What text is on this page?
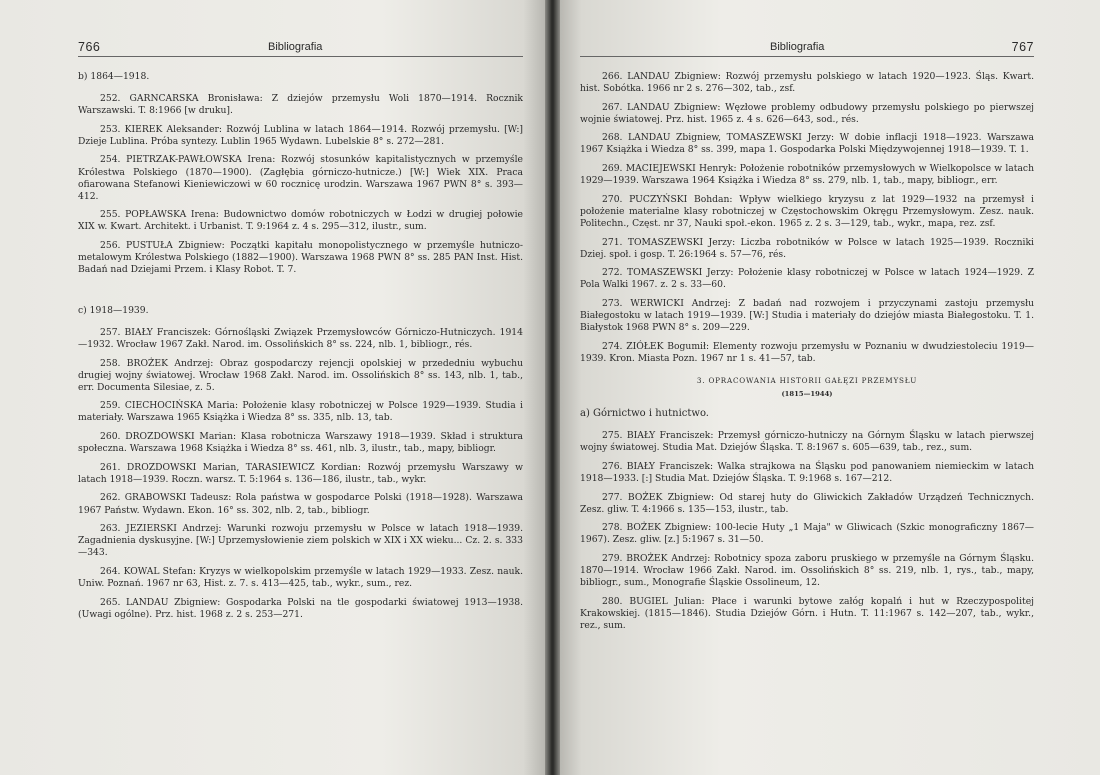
766	Bibliografia
b) 1864—1918.

252. GARNCARSKA Bronisława: Z dziejów przemysłu Woli 1870—1914. Rocznik Warszawski. T. 8:1966 [w druku].

253. KIEREK Aleksander: Rozwój Lublina w latach 1864—1914. Rozwój przemysłu. [W:] Dzieje Lublina. Próba syntezy. Lublin 1965 Wydawn. Lubelskie 8° s. 272—281.

254. PIETRZAK-PAWŁOWSKA Irena: Rozwój stosunków kapitalistycznych w przemyśle Królestwa Polskiego (1870—1900). (Zagłębia górniczo-hutnicze.) [W:] Wiek XIX. Praca ofiarowana Stefanowi Kieniewiczowi w 60 rocznicę urodzin. Warszawa 1967 PWN 8° s. 393—412.

255. POPŁAWSKA Irena: Budownictwo domów robotniczych w Łodzi w drugiej połowie XIX w. Kwart. Architekt. i Urbanist. T. 9:1964 z. 4 s. 295—312, ilustr., sum.

256. PUSTUŁA Zbigniew: Początki kapitału monopolistycznego w przemyśle hutniczo-metalowym Królestwa Polskiego (1882—1900). Warszawa 1968 PWN 8° ss. 285 PAN Inst. Hist. Badań nad Dziejami Przem. i Klasy Robot. T. 7.

c) 1918—1939.

257. BIAŁY Franciszek: Górnośląski Związek Przemysłowców Górniczo-Hutniczych. 1914—1932. Wrocław 1967 Zakł. Narod. im. Ossolińskich 8° ss. 224, nlb. 1, bibliogr., rés.

258. BROŻEK Andrzej: Obraz gospodarczy rejencji opolskiej w przededniu wybuchu drugiej wojny światowej. Wrocław 1968 Zakł. Narod. im. Ossolińskich 8° ss. 143, nlb. 1, tab., err. Documenta Silesiae, z. 5.

259. CIECHOCIŃSKA Maria: Położenie klasy robotniczej w Polsce 1929—1939. Studia i materiały. Warszawa 1965 Książka i Wiedza 8° ss. 335, nlb. 13, tab.

260. DROZDOWSKI Marian: Klasa robotnicza Warszawy 1918—1939. Skład i struktura społeczna. Warszawa 1968 Książka i Wiedza 8° ss. 461, nlb. 3, ilustr., tab., mapy, bibliogr.

261. DROZDOWSKI Marian, TARASIEWICZ Kordian: Rozwój przemysłu Warszawy w latach 1918—1939. Roczn. warsz. T. 5:1964 s. 136—186, ilustr., tab., wykr.

262. GRABOWSKI Tadeusz: Rola państwa w gospodarce Polski (1918—1928). Warszawa 1967 Państw. Wydawn. Ekon. 16° ss. 302, nlb. 2, tab., bibliogr.

263. JEZIERSKI Andrzej: Warunki rozwoju przemysłu w Polsce w latach 1918—1939. Zagadnienia dyskusyjne. [W:] Uprzemysłowienie ziem polskich w XIX i XX wieku... Cz. 2. s. 333—343.

264. KOWAL Stefan: Kryzys w wielkopolskim przemyśle w latach 1929—1933. Zesz. nauk. Uniw. Poznań. 1967 nr 63, Hist. z. 7. s. 413—425, tab., wykr., sum., rez.

265. LANDAU Zbigniew: Gospodarka Polski na tle gospodarki światowej 1913—1938. (Uwagi ogólne). Prz. hist. 1968 z. 2 s. 253—271.

Bibliografia	767

266. LANDAU Zbigniew: Rozwój przemysłu polskiego w latach 1920—1923. Śląs. Kwart. hist. Sobótka. 1966 nr 2 s. 276—302, tab., zsf.

267. LANDAU Zbigniew: Węzłowe problemy odbudowy przemysłu polskiego po pierwszej wojnie światowej. Prz. hist. 1965 z. 4 s. 626—643, sod., rés.

268. LANDAU Zbigniew, TOMASZEWSKI Jerzy: W dobie inflacji 1918—1923. Warszawa 1967 Książka i Wiedza 8° ss. 399, mapa 1. Gospodarka Polski Międzywojennej 1918—1939. T. 1.

269. MACIEJEWSKI Henryk: Położenie robotników przemysłowych w Wielkopolsce w latach 1929—1939. Warszawa 1964 Książka i Wiedza 8° ss. 279, nlb. 1, tab., mapy, bibliogr., err.

270. PUCZYŃSKI Bohdan: Wpływ wielkiego kryzysu z lat 1929—1932 na przemysł i położenie materialne klasy robotniczej w Częstochowskim Okręgu Przemysłowym. Zesz. nauk. Politechn., Częst. nr 37, Nauki społ.-ekon. 1965 z. 2 s. 3—129, tab., wykr., mapa, rez. zsf.

271. TOMASZEWSKI Jerzy: Liczba robotników w Polsce w latach 1925—1939. Roczniki Dziej. społ. i gosp. T. 26:1964 s. 57—76, rés.

272. TOMASZEWSKI Jerzy: Położenie klasy robotniczej w Polsce w latach 1924—1929. Z Pola Walki 1967. z. 2 s. 33—60.

273. WERWICKI Andrzej: Z badań nad rozwojem i przyczynami zastoju przemysłu Białegostoku w latach 1919—1939. [W:] Studia i materiały do dziejów miasta Białegostoku. T. 1. Białystok 1968 PWN 8° s. 209—229.

274. ZIÓŁEK Bogumił: Elementy rozwoju przemysłu w Poznaniu w dwudziestoleciu 1919—1939. Kron. Miasta Pozn. 1967 nr 1 s. 41—57, tab.

3. OPRACOWANIA HISTORII GAŁĘZI PRZEMYSŁU
(1815—1944)
a) Górnictwo i hutnictwo.

275. BIAŁY Franciszek: Przemysł górniczo-hutniczy na Górnym Śląsku w latach pierwszej wojny światowej. Studia Mat. Dziejów Śląska. T. 8:1967 s. 605—639, tab., rez., sum.

276. BIAŁY Franciszek: Walka strajkowa na Śląsku pod panowaniem niemieckim w latach 1918—1933. [:] Studia Mat. Dziejów Śląska. T. 9:1968 s. 167—212.

277. BOŻEK Zbigniew: Od starej huty do Gliwickich Zakładów Urządzeń Technicznych. Zesz. gliw. T. 4:1966 s. 135—153, ilustr., tab.

278. BOŻEK Zbigniew: 100-lecie Huty „1 Maja" w Gliwicach (Szkic monograficzny 1867—1967). Zesz. gliw. [z.] 5:1967 s. 31—50.

279. BROŻEK Andrzej: Robotnicy spoza zaboru pruskiego w przemyśle na Górnym Śląsku. 1870—1914. Wrocław 1966 Zakł. Narod. im. Ossolińskich 8° ss. 219, nlb. 1, rys., tab., mapy, bibliogr., sum., Monografie Śląskie Ossolineum, 12.

280. BUGIEL Julian: Płace i warunki bytowe załóg kopalń i hut w Rzeczypospolitej Krakowskiej. (1815—1846). Studia Dziejów Górn. i Hutn. T. 11:1967 s. 142—207, tab., wykr., rez., sum.
